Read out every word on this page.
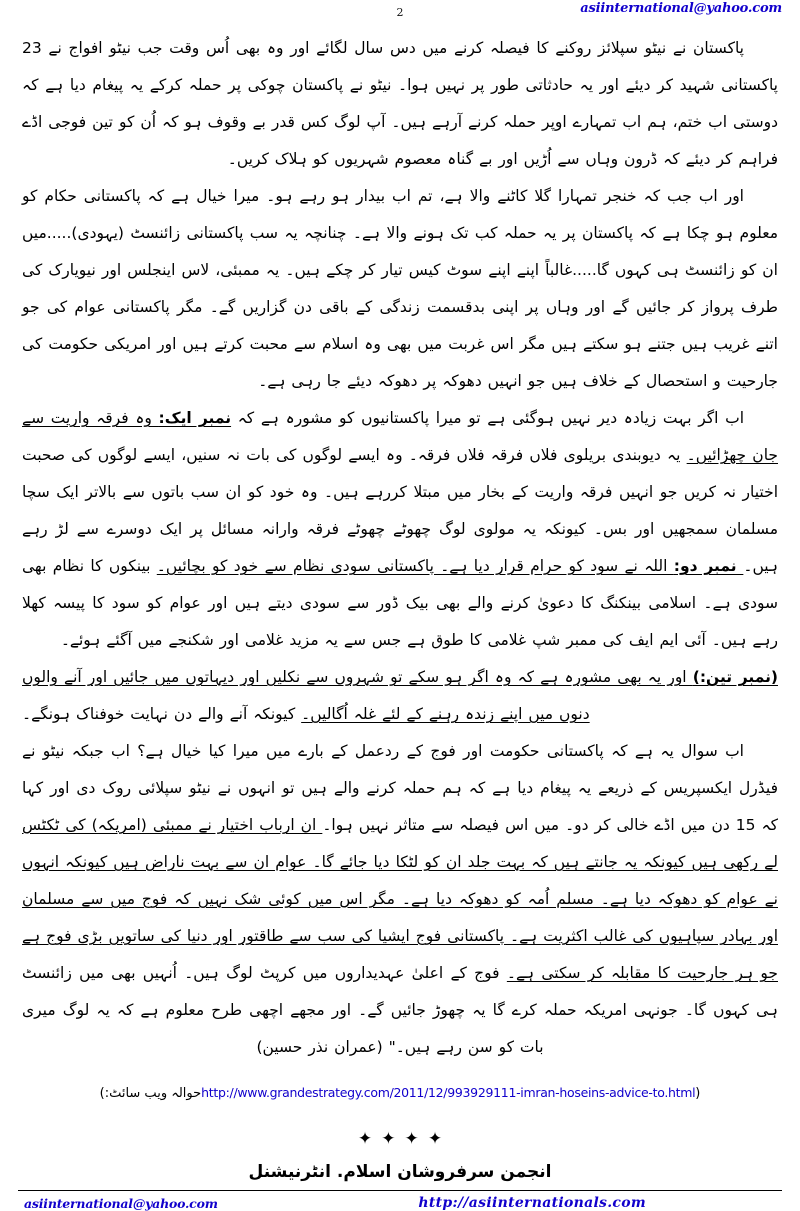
asiinternational@yahoo.com
2

پاکستان نے نیٹو سپلائز روکنے کا فیصلہ کرنے میں دس سال لگائے اور وہ بھی اُس وقت جب نیٹو افواج نے 23 پاکستانی شہید کر دیئے اور یہ حادثاتی طور پر نہیں ہوا۔ نیٹو نے پاکستان چوکی پر حملہ کرکے یہ پیغام دیا ہے کہ دوستی اب ختم، ہم اب تمہارے اوپر حملہ کرنے آرہے ہیں۔ آپ لوگ کس قدر بے وقوف ہو کہ اُن کو تین فوجی اڈے فراہم کر دیئے کہ ڈرون وہاں سے اُڑیں اور بے گناہ معصوم شہریوں کو ہلاک کریں۔

اور اب جب کہ خنجر تمہارا گلا کاٹنے والا ہے، تم اب بیدار ہو رہے ہو۔ میرا خیال ہے کہ پاکستانی حکام کو معلوم ہو چکا ہے کہ پاکستان پر یہ حملہ کب تک ہونے والا ہے۔ چنانچہ یہ سب پاکستانی زائنسٹ (یہودی).....میں ان کو زائنسٹ ہی کہوں گا.....غالباً اپنے اپنے سوٹ کیس تیار کر چکے ہیں۔ یہ ممبئی، لاس اینجلس اور نیویارک کی طرف پرواز کر جائیں گے اور وہاں پر اپنی بدقسمت زندگی کے باقی دن گزاریں گے۔ مگر پاکستانی عوام کی جو اتنے غریب ہیں جتنے ہو سکتے ہیں مگر اس غربت میں بھی وہ اسلام سے محبت کرتے ہیں اور امریکی حکومت کی جارحیت و استحصال کے خلاف ہیں جو انہیں دھوکہ پر دھوکہ دیئے جا رہی ہے۔

اب اگر بہت زیادہ دیر نہیں ہوگئی ہے تو میرا پاکستانیوں کو مشورہ ہے کہ نمبر ایک: وہ فرقہ واریت سے جان چھڑائیں۔ یہ دیوبندی بریلوی فلاں فرقہ فلاں فرقہ۔ وہ ایسے لوگوں کی بات نہ سنیں، ایسے لوگوں کی صحبت اختیار نہ کریں جو انہیں فرقہ واریت کے بخار میں مبتلا کررہے ہیں۔ وہ خود کو ان سب باتوں سے بالاتر ایک سچا مسلمان سمجھیں اور بس۔ کیونکہ یہ مولوی لوگ چھوٹے چھوٹے فرقہ وارانہ مسائل پر ایک دوسرے سے لڑ رہے ہیں۔ نمبر دو: اللہ نے سود کو حرام قرار دیا ہے۔ پاکستانی سودی نظام سے خود کو بچائیں۔ بینکوں کا نظام بھی سودی ہے۔ اسلامی بینکنگ کا دعویٰ کرنے والے بھی بیک ڈور سے سودی دیتے ہیں اور عوام کو سود کا پیسہ کھلا رہے ہیں۔ آئی ایم ایف کی ممبر شپ غلامی کا طوق ہے جس سے یہ مزید غلامی اور شکنجے میں آگئے ہوئے۔

(نمبر تین:) اور یہ بھی مشورہ ہے کہ وہ اگر ہو سکے تو شہروں سے نکلیں اور دیہاتوں میں جائیں اور آنے والوں دنوں میں اپنے زندہ رہنے کے لئے غلہ اُگالیں۔ کیونکہ آنے والے دن نہایت خوفناک ہونگے۔

اب سوال یہ ہے کہ پاکستانی حکومت اور فوج کے ردعمل کے بارے میں میرا کیا خیال ہے؟ اب جبکہ نیٹو نے فیڈرل ایکسپریس کے ذریعے یہ پیغام دیا ہے کہ ہم حملہ کرنے والے ہیں تو انہوں نے نیٹو سپلائی روک دی اور کہا کہ 15 دن میں اڈے خالی کر دو۔ میں اس فیصلہ سے متاثر نہیں ہوا۔ ان ارباب اختیار نے ممبئی (امریکہ) کی ٹکٹس لے رکھی ہیں کیونکہ یہ جانتے ہیں کہ بہت جلد ان کو لٹکا دیا جائے گا۔ عوام ان سے بہت ناراض ہیں کیونکہ انہوں نے عوام کو دھوکہ دیا ہے۔ مسلم اُمہ کو دھوکہ دیا ہے۔ مگر اس میں کوئی شک نہیں کہ فوج میں سے مسلمان اور بہادر سپاہیوں کی غالب اکثریت ہے۔ پاکستانی فوج ایشیا کی سب سے طاقتور اور دنیا کی ساتویں بڑی فوج ہے جو ہر جارحیت کا مقابلہ کر سکتی ہے۔ فوج کے اعلیٰ عہدیداروں میں کرپٹ لوگ ہیں۔ اُنہیں بھی میں زائنسٹ ہی کہوں گا۔ جونہی امریکہ حملہ کرے گا یہ چھوڑ جائیں گے۔ اور مجھے اچھی طرح معلوم ہے کہ یہ لوگ میری بات کو سن رہے ہیں۔" (عمران نذر حسین)

(http://www.grandestrategy.com/2011/12/993929111-imran-hoseins-advice-to.htmlحوالہ ویب سائٹ:)
✦ ✦ ✦ ✦
انجمن سرفروشان اسلام. انٹرنیشنل
asiinternational@yahoo.com	http://asiinternationals.com
